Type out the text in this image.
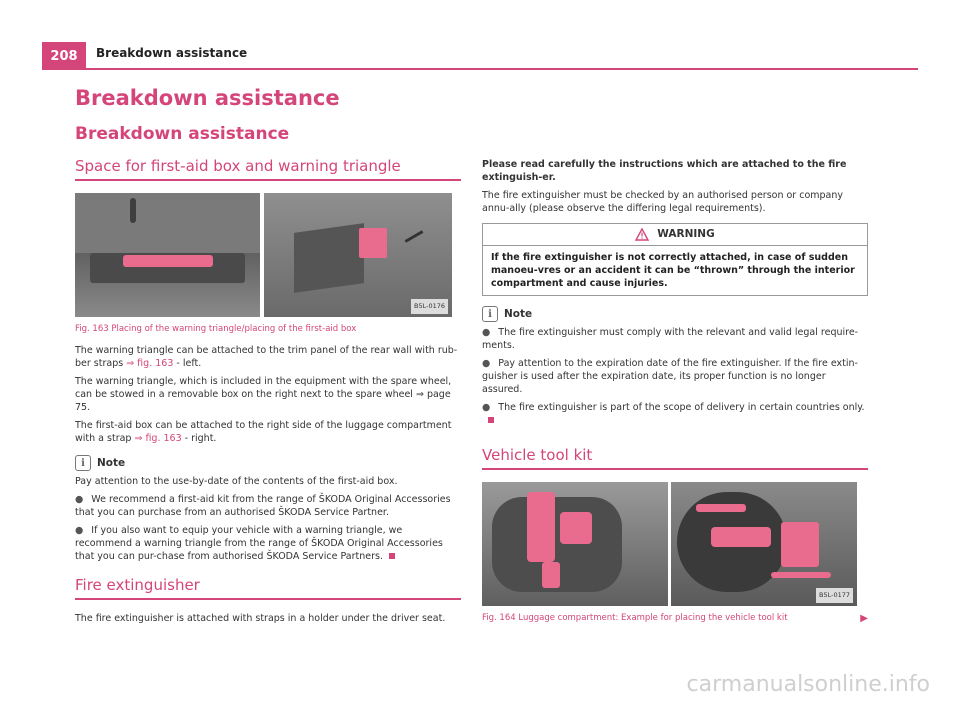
208	Breakdown assistance
Breakdown assistance
Breakdown assistance
Space for first-aid box and warning triangle
B5L-0176
Fig. 163 Placing of the warning triangle/placing of the first-aid box

The warning triangle can be attached to the trim panel of the rear wall with rub-ber straps ⇒ fig. 163 - left.

The warning triangle, which is included in the equipment with the spare wheel, can be stowed in a removable box on the right next to the spare wheel ⇒ page 75.

The first-aid box can be attached to the right side of the luggage compartment with a strap ⇒ fig. 163 - right.

i	Note

Pay attention to the use-by-date of the contents of the first-aid box.

● We recommend a first-aid kit from the range of ŠKODA Original Accessories that you can purchase from an authorised ŠKODA Service Partner.

● If you also want to equip your vehicle with a warning triangle, we recommend a warning triangle from the range of ŠKODA Original Accessories that you can pur-chase from authorised ŠKODA Service Partners.

Fire extinguisher

The fire extinguisher is attached with straps in a holder under the driver seat.

Please read carefully the instructions which are attached to the fire extinguish-er.

The fire extinguisher must be checked by an authorised person or company annu-ally (please observe the differing legal requirements).

WARNING
If the fire extinguisher is not correctly attached, in case of sudden manoeu-vres or an accident it can be “thrown” through the interior compartment and cause injuries.
i	Note

● The fire extinguisher must comply with the relevant and valid legal require-ments.

● Pay attention to the expiration date of the fire extinguisher. If the fire extin-guisher is used after the expiration date, its proper function is no longer assured.

● The fire extinguisher is part of the scope of delivery in certain countries only.

Vehicle tool kit
B5L-0177
Fig. 164 Luggage compartment: Example for placing the vehicle tool kit	▶
carmanualsonline.info
